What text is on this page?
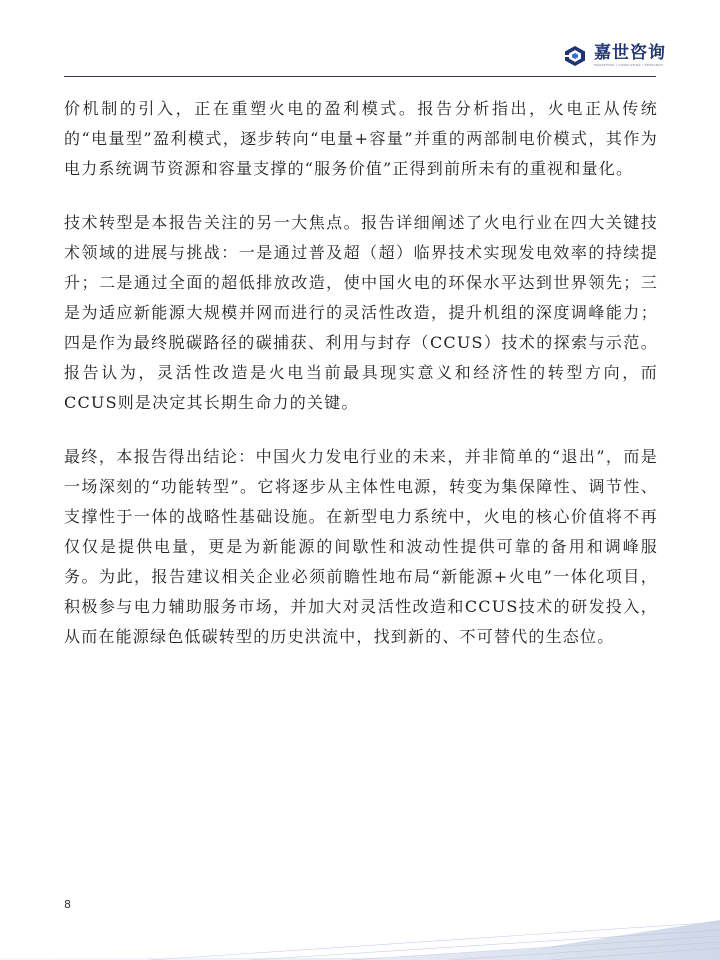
嘉世咨询
MARKETING | CONSULTING | RESEARCH

价机制的引入，正在重塑火电的盈利模式。报告分析指出，火电正从传统的“电量型”盈利模式，逐步转向“电量+容量”并重的两部制电价模式，其作为电力系统调节资源和容量支撑的“服务价值”正得到前所未有的重视和量化。

技术转型是本报告关注的另一大焦点。报告详细阐述了火电行业在四大关键技术领域的进展与挑战：一是通过普及超（超）临界技术实现发电效率的持续提升；二是通过全面的超低排放改造，使中国火电的环保水平达到世界领先；三是为适应新能源大规模并网而进行的灵活性改造，提升机组的深度调峰能力；四是作为最终脱碳路径的碳捕获、利用与封存（CCUS）技术的探索与示范。报告认为，灵活性改造是火电当前最具现实意义和经济性的转型方向，而CCUS则是决定其长期生命力的关键。

最终，本报告得出结论：中国火力发电行业的未来，并非简单的“退出”，而是一场深刻的“功能转型”。它将逐步从主体性电源，转变为集保障性、调节性、支撑性于一体的战略性基础设施。在新型电力系统中，火电的核心价值将不再仅仅是提供电量，更是为新能源的间歇性和波动性提供可靠的备用和调峰服务。为此，报告建议相关企业必须前瞻性地布局“新能源+火电”一体化项目，积极参与电力辅助服务市场，并加大对灵活性改造和CCUS技术的研发投入，从而在能源绿色低碳转型的历史洪流中，找到新的、不可替代的生态位。

8
